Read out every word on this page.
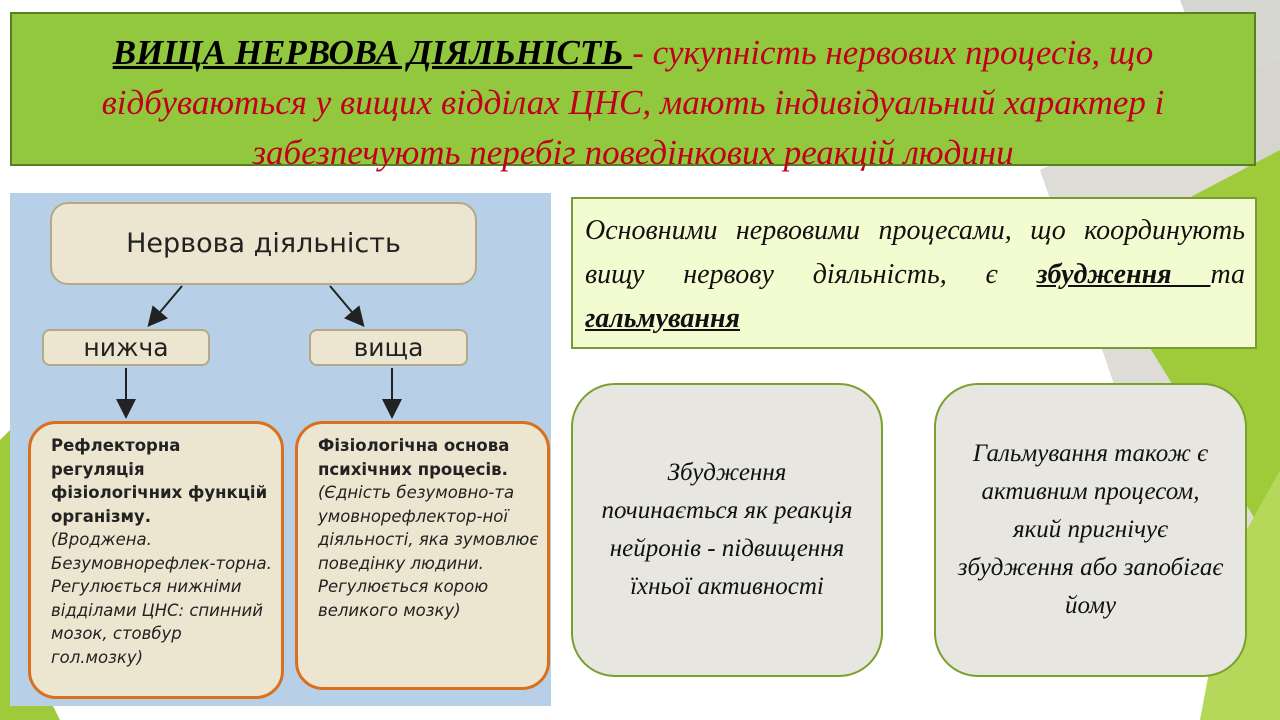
ВИЩА НЕРВОВА ДІЯЛЬНІСТЬ - сукупність нервових процесів, що відбуваються у вищих відділах ЦНС, мають індивідуальний характер і забезпечують перебіг поведінкових реакцій людини
Нервова діяльність
нижча	вища
Рефлекторна регуляція фізіологічних функцій організму.
(Вроджена. Безумовнорефлек-торна. Регулюється нижніми відділами ЦНС: спинний мозок, стовбур гол.мозку)
Фізіологічна основа психічних процесів.
(Єдність безумовно-та умовнорефлектор-ної діяльності, яка зумовлює поведінку людини. Регулюється корою великого мозку)
Основними нервовими процесами, що координують вищу нервову діяльність, є збудження та гальмування
Збудження починається як реакція нейронів - підвищення їхньої активності
Гальмування також є активним процесом, який пригнічує збудження або запобігає йому
